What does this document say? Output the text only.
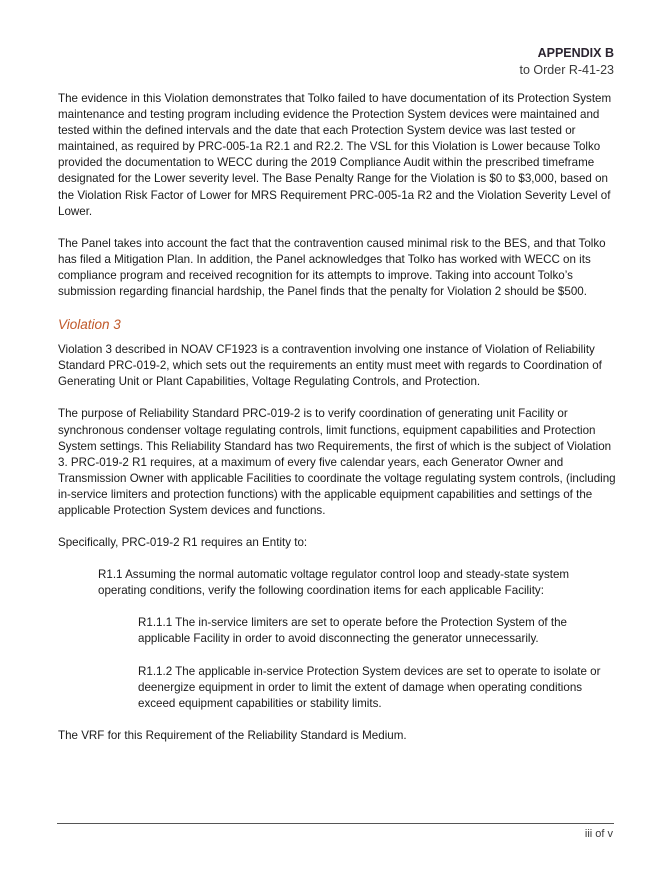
APPENDIX B
to Order R-41-23

The evidence in this Violation demonstrates that Tolko failed to have documentation of its Protection System maintenance and testing program including evidence the Protection System devices were maintained and tested within the defined intervals and the date that each Protection System device was last tested or maintained, as required by PRC-005-1a R2.1 and R2.2. The VSL for this Violation is Lower because Tolko provided the documentation to WECC during the 2019 Compliance Audit within the prescribed timeframe designated for the Lower severity level. The Base Penalty Range for the Violation is $0 to $3,000, based on the Violation Risk Factor of Lower for MRS Requirement PRC-005-1a R2 and the Violation Severity Level of Lower.

The Panel takes into account the fact that the contravention caused minimal risk to the BES, and that Tolko has filed a Mitigation Plan. In addition, the Panel acknowledges that Tolko has worked with WECC on its compliance program and received recognition for its attempts to improve. Taking into account Tolko’s submission regarding financial hardship, the Panel finds that the penalty for Violation 2 should be $500.

Violation 3

Violation 3 described in NOAV CF1923 is a contravention involving one instance of Violation of Reliability Standard PRC-019-2, which sets out the requirements an entity must meet with regards to Coordination of Generating Unit or Plant Capabilities, Voltage Regulating Controls, and Protection.

The purpose of Reliability Standard PRC-019-2 is to verify coordination of generating unit Facility or synchronous condenser voltage regulating controls, limit functions, equipment capabilities and Protection System settings. This Reliability Standard has two Requirements, the first of which is the subject of Violation 3. PRC-019-2 R1 requires, at a maximum of every five calendar years, each Generator Owner and Transmission Owner with applicable Facilities to coordinate the voltage regulating system controls, (including in-service limiters and protection functions) with the applicable equipment capabilities and settings of the applicable Protection System devices and functions.

Specifically, PRC-019-2 R1 requires an Entity to:

R1.1 Assuming the normal automatic voltage regulator control loop and steady-state system operating conditions, verify the following coordination items for each applicable Facility:

R1.1.1 The in-service limiters are set to operate before the Protection System of the applicable Facility in order to avoid disconnecting the generator unnecessarily.

R1.1.2 The applicable in-service Protection System devices are set to operate to isolate or deenergize equipment in order to limit the extent of damage when operating conditions exceed equipment capabilities or stability limits.

The VRF for this Requirement of the Reliability Standard is Medium.

iii of v
